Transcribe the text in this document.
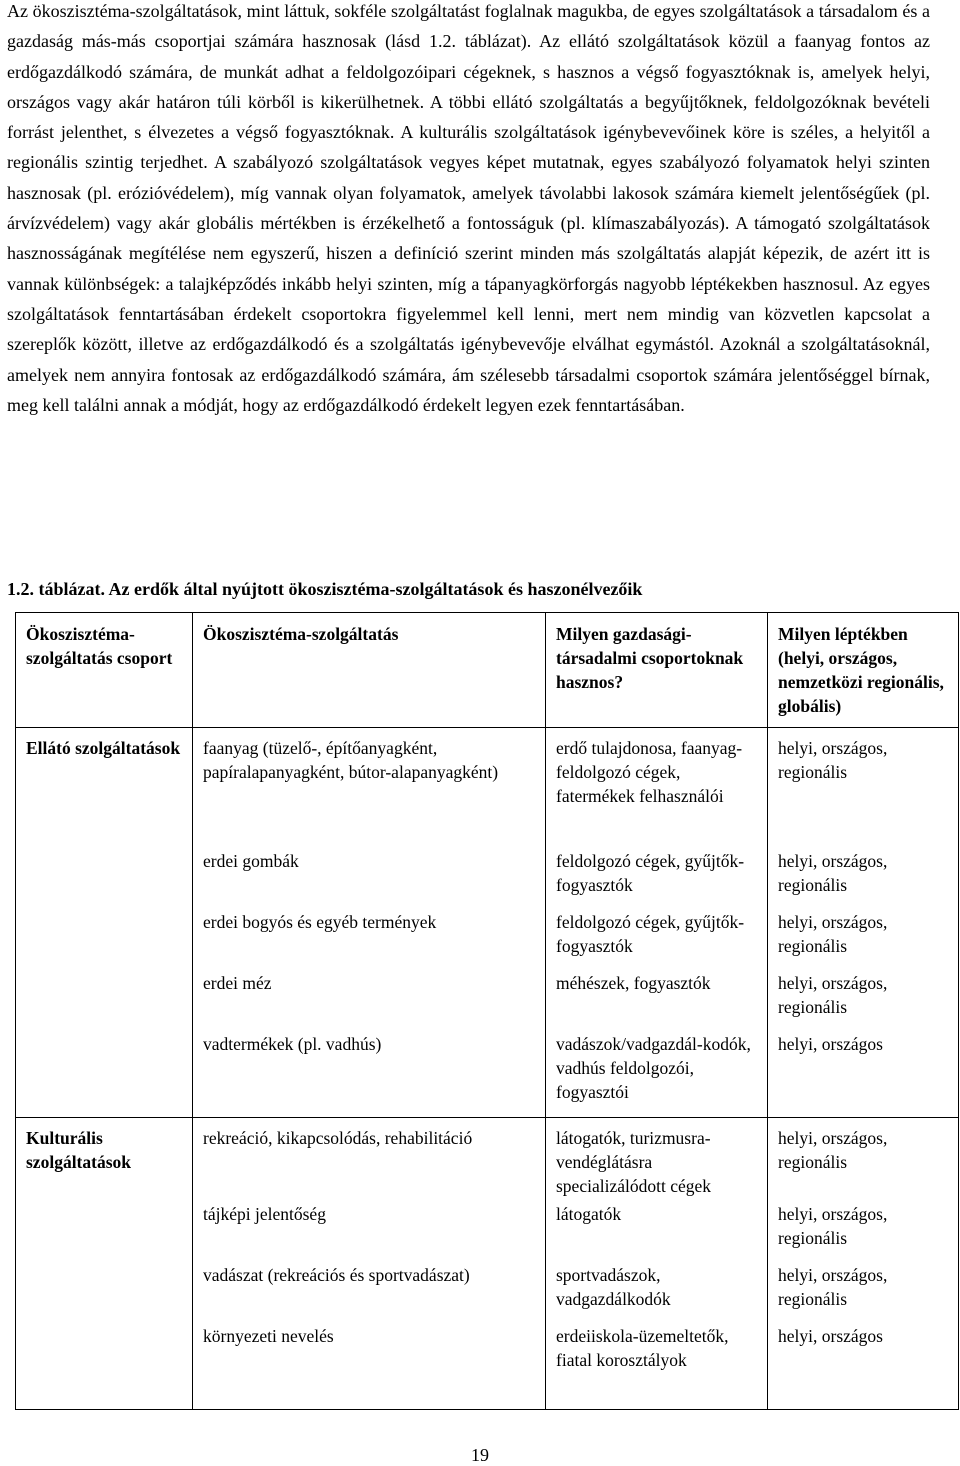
Az ökoszisztéma-szolgáltatások, mint láttuk, sokféle szolgáltatást foglalnak magukba, de egyes szolgáltatások a társadalom és a gazdaság más-más csoportjai számára hasznosak (lásd 1.2. táblázat). Az ellátó szolgáltatások közül a faanyag fontos az erdőgazdálkodó számára, de munkát adhat a feldolgozóipari cégeknek, s hasznos a végső fogyasztóknak is, amelyek helyi, országos vagy akár határon túli körből is kikerülhetnek. A többi ellátó szolgáltatás a begyűjtőknek, feldolgozóknak bevételi forrást jelenthet, s élvezetes a végső fogyasztóknak. A kulturális szolgáltatások igénybevevőinek köre is széles, a helyitől a regionális szintig terjedhet. A szabályozó szolgáltatások vegyes képet mutatnak, egyes szabályozó folyamatok helyi szinten hasznosak (pl. erózióvédelem), míg vannak olyan folyamatok, amelyek távolabbi lakosok számára kiemelt jelentőségűek (pl. árvízvédelem) vagy akár globális mértékben is érzékelhető a fontosságuk (pl. klímaszabályozás). A támogató szolgáltatások hasznosságának megítélése nem egyszerű, hiszen a definíció szerint minden más szolgáltatás alapját képezik, de azért itt is vannak különbségek: a talajképződés inkább helyi szinten, míg a tápanyagkörforgás nagyobb léptékekben hasznosul. Az egyes szolgáltatások fenntartásában érdekelt csoportokra figyelemmel kell lenni, mert nem mindig van közvetlen kapcsolat a szereplők között, illetve az erdőgazdálkodó és a szolgáltatás igénybevevője elválhat egymástól. Azoknál a szolgáltatásoknál, amelyek nem annyira fontosak az erdőgazdálkodó számára, ám szélesebb társadalmi csoportok számára jelentőséggel bírnak, meg kell találni annak a módját, hogy az erdőgazdálkodó érdekelt legyen ezek fenntartásában.

1.2. táblázat. Az erdők által nyújtott ökoszisztéma-szolgáltatások és haszonélvezőik

Ökoszisztéma-szolgáltatás csoport	Ökoszisztéma-szolgáltatás	Milyen gazdasági-társadalmi csoportoknak hasznos?	Milyen léptékben (helyi, országos, nemzetközi regionális, globális)
Ellátó szolgáltatások	faanyag (tüzelő-, építőanyagként, papíralapanyagként, bútor-alapanyagként)	erdő tulajdonosa, faanyag-feldolgozó cégek, fatermékek felhasználói	helyi, országos, regionális
	erdei gombák	feldolgozó cégek, gyűjtők-fogyasztók	helyi, országos, regionális
	erdei bogyós és egyéb termények	feldolgozó cégek, gyűjtők-fogyasztók	helyi, országos, regionális
	erdei méz	méhészek, fogyasztók	helyi, országos, regionális
	vadtermékek (pl. vadhús)	vadászok/vadgazdál-kodók, vadhús feldolgozói, fogyasztói	helyi, országos
Kulturális szolgáltatások	rekreáció, kikapcsolódás, rehabilitáció	látogatók, turizmusra-vendéglátásra specializálódott cégek	helyi, országos, regionális
	tájképi jelentőség	látogatók	helyi, országos, regionális
	vadászat (rekreációs és sportvadászat)	sportvadászok, vadgazdálkodók	helyi, országos, regionális
	környezeti nevelés	erdeiiskola-üzemeltetők, fiatal korosztályok	helyi, országos
19
